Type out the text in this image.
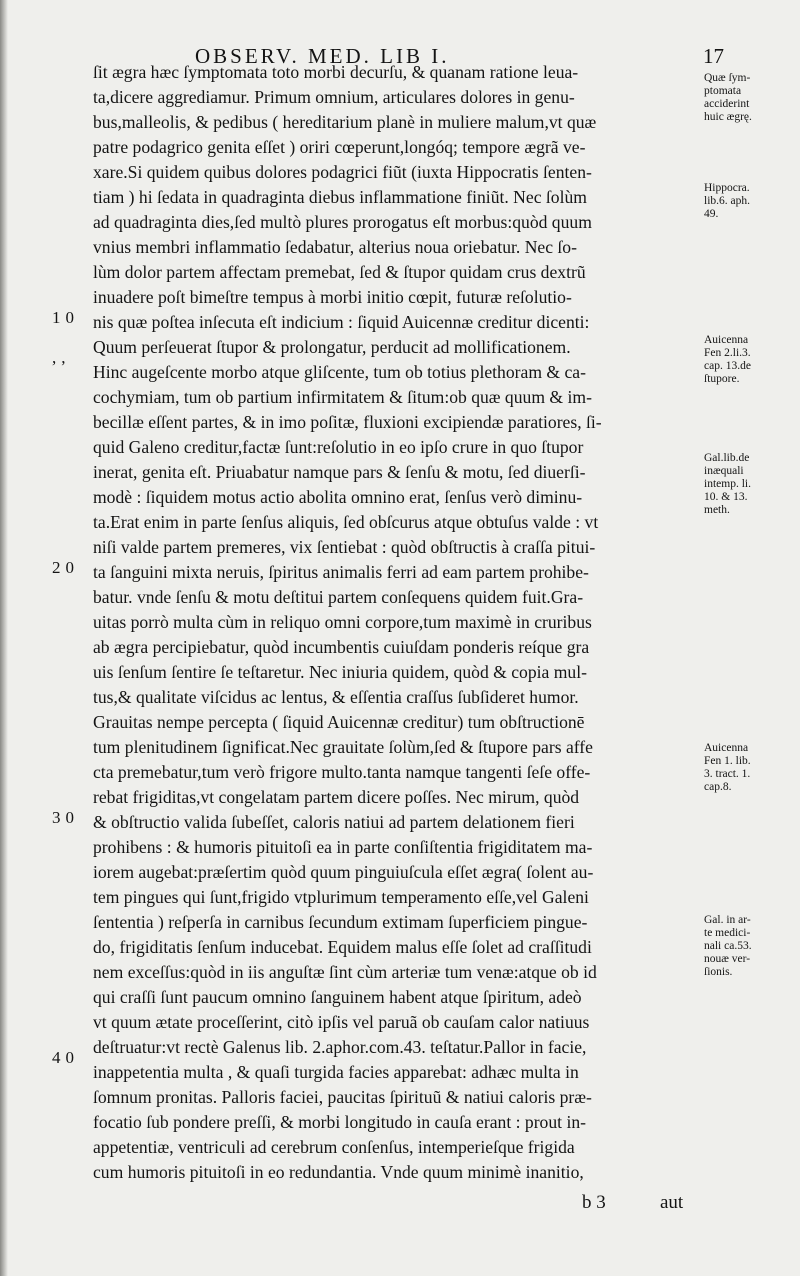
OBSERV. MED. LIB I.	17
ſit ægra hæc ſymptomata toto morbi decurſu, & quanam ratione leua-
ta,dicere aggrediamur. Primum omnium, articulares dolores in genu-
bus,malleolis, & pedibus ( hereditarium planè in muliere malum,vt quæ
patre podagrico genita eſſet ) oriri cœperunt,longóq; tempore ægrã ve-
xare.Si quidem quibus dolores podagrici fiũt (iuxta Hippocratis ſenten-
tiam ) hi ſedata in quadraginta diebus inflammatione finiũt. Nec ſolùm
ad quadraginta dies,ſed multò plures prorogatus eſt morbus:quòd quum
vnius membri inflammatio ſedabatur, alterius noua oriebatur. Nec ſo-
lùm dolor partem affectam premebat, ſed & ſtupor quidam crus dextrũ
inuadere poſt bimeſtre tempus à morbi initio cœpit, futuræ reſolutio-
nis quæ poſtea inſecuta eſt indicium : ſiquid Auicennæ creditur dicenti:
Quum perſeuerat ſtupor & prolongatur, perducit ad mollificationem.
Hinc augeſcente morbo atque gliſcente, tum ob totius plethoram & ca-
cochymiam, tum ob partium infirmitatem & ſitum:ob quæ quum & im-
becillæ eſſent partes, & in imo poſitæ, fluxioni excipiendæ paratiores, ſi-
quid Galeno creditur,factæ ſunt:reſolutio in eo ipſo crure in quo ſtupor
inerat, genita eſt. Priuabatur namque pars & ſenſu & motu, ſed diuerſi-
modè : ſiquidem motus actio abolita omnino erat, ſenſus verò diminu-
ta.Erat enim in parte ſenſus aliquis, ſed obſcurus atque obtuſus valde : vt
niſi valde partem premeres, vix ſentiebat : quòd obſtructis à craſſa pitui-
ta ſanguini mixta neruis, ſpiritus animalis ferri ad eam partem prohibe-
batur. vnde ſenſu & motu deſtitui partem conſequens quidem fuit.Gra-
uitas porrò multa cùm in reliquo omni corpore,tum maximè in cruribus
ab ægra percipiebatur, quòd incumbentis cuiuſdam ponderis reíque gra
uis ſenſum ſentire ſe teſtaretur. Nec iniuria quidem, quòd & copia mul-
tus,& qualitate viſcidus ac lentus, & eſſentia craſſus ſubſideret humor.
Grauitas nempe percepta ( ſiquid Auicennæ creditur) tum obſtructionē
tum plenitudinem ſignificat.Nec grauitate ſolùm,ſed & ſtupore pars affe
cta premebatur,tum verò frigore multo.tanta namque tangenti ſeſe offe-
rebat frigiditas,vt congelatam partem dicere poſſes. Nec mirum, quòd
& obſtructio valida ſubeſſet, caloris natiui ad partem delationem fieri
prohibens : & humoris pituitoſi ea in parte conſiſtentia frigiditatem ma-
iorem augebat:præſertim quòd quum pinguiuſcula eſſet ægra( ſolent au-
tem pingues qui ſunt,frigido vtplurimum temperamento eſſe,vel Galeni
ſententia ) reſperſa in carnibus ſecundum extimam ſuperficiem pingue-
do, frigiditatis ſenſum inducebat. Equidem malus eſſe ſolet ad craſſitudi
nem exceſſus:quòd in iis anguſtæ ſint cùm arteriæ tum venæ:atque ob id
qui craſſi ſunt paucum omnino ſanguinem habent atque ſpiritum, adeò
vt quum ætate proceſſerint, citò ipſis vel paruã ob cauſam calor natiuus
deſtruatur:vt rectè Galenus lib. 2.aphor.com.43. teſtatur.Pallor in facie,
inappetentia multa , & quaſi turgida facies apparebat: adhæc multa in
ſomnum pronitas. Palloris faciei, paucitas ſpirituũ & natiui caloris præ-
focatio ſub pondere preſſi, & morbi longitudo in cauſa erant : prout in-
appetentiæ, ventriculi ad cerebrum conſenſus, intemperieſque frigida
cum humoris pituitoſi in eo redundantia. Vnde quum minimè inanitio,
10
,,
20
30
40
Quæ ſym-
ptomata
acciderint
huic ægrę.
Hippocra.
lib.6. aph.
49.
Auicenna
Fen 2.li.3.
cap. 13.de
ſtupore.
Gal.lib.de
inæquali
intemp. li.
10. & 13.
meth.
Auicenna
Fen 1. lib.
3. tract. 1.
cap.8.
Gal. in ar-
te medici-
nali ca.53.
nouæ ver-
ſionis.
b 3	aut
